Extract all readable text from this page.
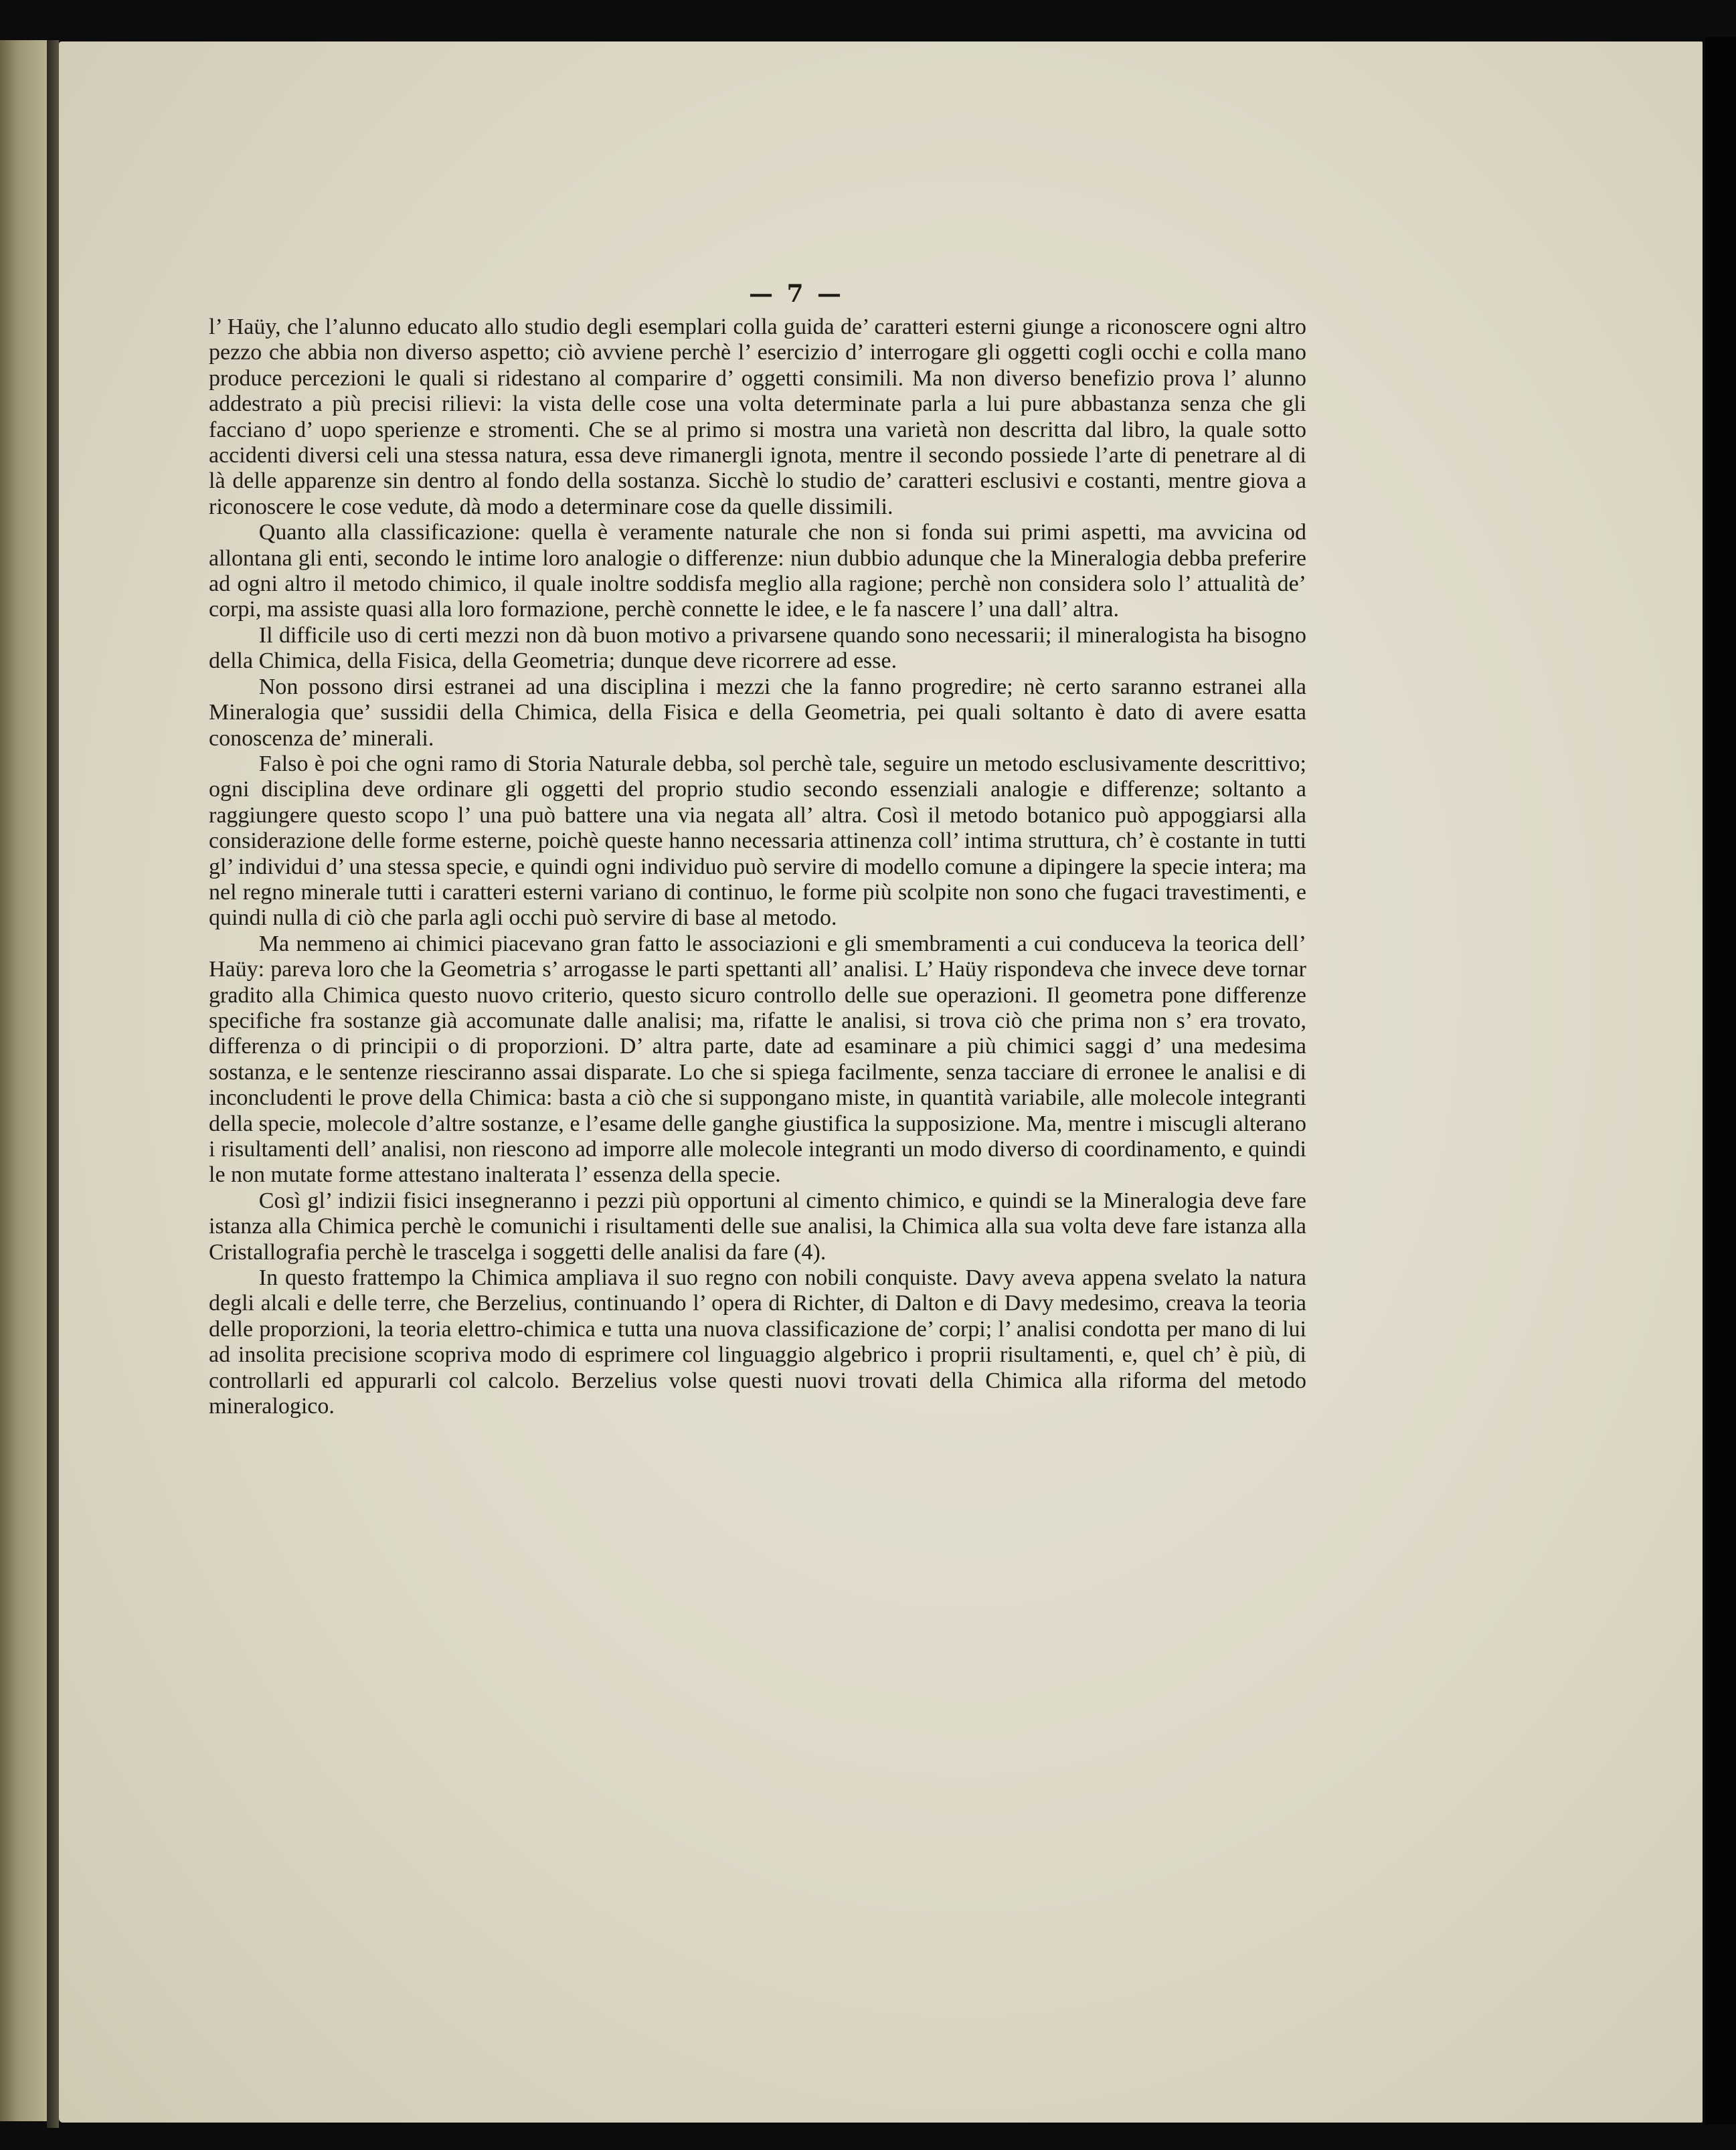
— 7 —

l’ Haüy, che l’alunno educato allo studio degli esemplari colla guida de’ caratteri esterni giunge a riconoscere ogni altro pezzo che abbia non diverso aspetto; ciò avviene perchè l’ esercizio d’ interrogare gli oggetti cogli occhi e colla mano produce percezioni le quali si ridestano al comparire d’ oggetti consimili. Ma non diverso benefizio prova l’ alunno addestrato a più precisi rilievi: la vista delle cose una volta determinate parla a lui pure abbastanza senza che gli facciano d’ uopo sperienze e stromenti. Che se al primo si mostra una varietà non descritta dal libro, la quale sotto accidenti diversi celi una stessa natura, essa deve rimanergli ignota, mentre il secondo possiede l’arte di penetrare al di là delle apparenze sin dentro al fondo della sostanza. Sicchè lo studio de’ caratteri esclusivi e costanti, mentre giova a riconoscere le cose vedute, dà modo a determinare cose da quelle dissimili.

Quanto alla classificazione: quella è veramente naturale che non si fonda sui primi aspetti, ma avvicina od allontana gli enti, secondo le intime loro analogie o differenze: niun dubbio adunque che la Mineralogia debba preferire ad ogni altro il metodo chimico, il quale inoltre soddisfa meglio alla ragione; perchè non considera solo l’ attualità de’ corpi, ma assiste quasi alla loro formazione, perchè connette le idee, e le fa nascere l’ una dall’ altra.

Il difficile uso di certi mezzi non dà buon motivo a privarsene quando sono necessarii; il mineralogista ha bisogno della Chimica, della Fisica, della Geometria; dunque deve ricorrere ad esse.

Non possono dirsi estranei ad una disciplina i mezzi che la fanno progredire; nè certo saranno estranei alla Mineralogia que’ sussidii della Chimica, della Fisica e della Geometria, pei quali soltanto è dato di avere esatta conoscenza de’ minerali.

Falso è poi che ogni ramo di Storia Naturale debba, sol perchè tale, seguire un metodo esclusivamente descrittivo; ogni disciplina deve ordinare gli oggetti del proprio studio secondo essenziali analogie e differenze; soltanto a raggiungere questo scopo l’ una può battere una via negata all’ altra. Così il metodo botanico può appoggiarsi alla considerazione delle forme esterne, poichè queste hanno necessaria attinenza coll’ intima struttura, ch’ è costante in tutti gl’ individui d’ una stessa specie, e quindi ogni individuo può servire di modello comune a dipingere la specie intera; ma nel regno minerale tutti i caratteri esterni variano di continuo, le forme più scolpite non sono che fugaci travestimenti, e quindi nulla di ciò che parla agli occhi può servire di base al metodo.

Ma nemmeno ai chimici piacevano gran fatto le associazioni e gli smembramenti a cui conduceva la teorica dell’ Haüy: pareva loro che la Geometria s’ arrogasse le parti spettanti all’ analisi. L’ Haüy rispondeva che invece deve tornar gradito alla Chimica questo nuovo criterio, questo sicuro controllo delle sue operazioni. Il geometra pone differenze specifiche fra sostanze già accomunate dalle analisi; ma, rifatte le analisi, si trova ciò che prima non s’ era trovato, differenza o di principii o di proporzioni. D’ altra parte, date ad esaminare a più chimici saggi d’ una medesima sostanza, e le sentenze riesciranno assai disparate. Lo che si spiega facilmente, senza tacciare di erronee le analisi e di inconcludenti le prove della Chimica: basta a ciò che si suppongano miste, in quantità variabile, alle molecole integranti della specie, molecole d’altre sostanze, e l’esame delle ganghe giustifica la supposizione. Ma, mentre i miscugli alterano i risultamenti dell’ analisi, non riescono ad imporre alle molecole integranti un modo diverso di coordinamento, e quindi le non mutate forme attestano inalterata l’ essenza della specie.

Così gl’ indizii fisici insegneranno i pezzi più opportuni al cimento chimico, e quindi se la Mineralogia deve fare istanza alla Chimica perchè le comunichi i risultamenti delle sue analisi, la Chimica alla sua volta deve fare istanza alla Cristallografia perchè le trascelga i soggetti delle analisi da fare (4).

In questo frattempo la Chimica ampliava il suo regno con nobili conquiste. Davy aveva appena svelato la natura degli alcali e delle terre, che Berzelius, continuando l’ opera di Richter, di Dalton e di Davy medesimo, creava la teoria delle proporzioni, la teoria elettro-chimica e tutta una nuova classificazione de’ corpi; l’ analisi condotta per mano di lui ad insolita precisione scopriva modo di esprimere col linguaggio algebrico i proprii risultamenti, e, quel ch’ è più, di controllarli ed appurarli col calcolo. Berzelius volse questi nuovi trovati della Chimica alla riforma del metodo mineralogico.
